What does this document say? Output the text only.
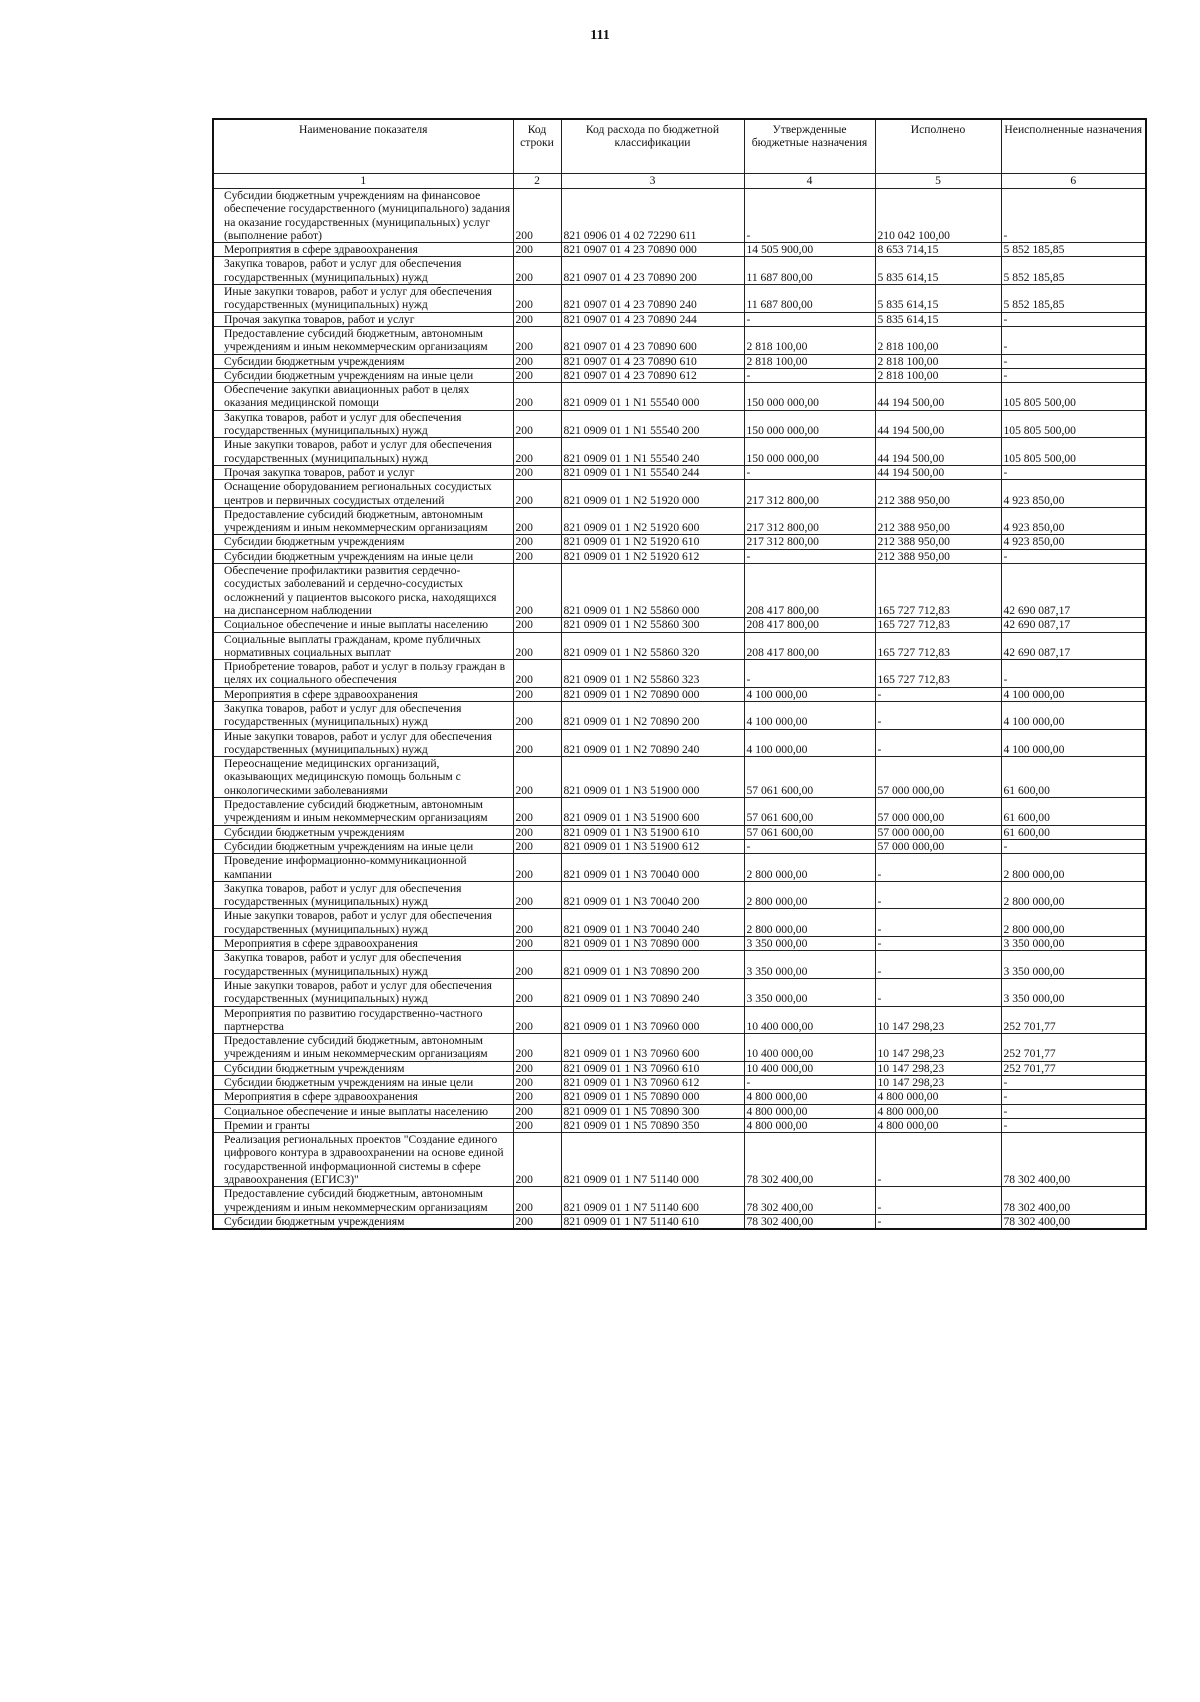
111
Наименование показателя	Код строки	Код расхода по бюджетной классификации	Утвержденные бюджетные назначения	Исполнено	Неисполненные назначения
1	2	3	4	5	6
Субсидии бюджетным учреждениям на финансовое обеспечение государственного (муниципального) задания на оказание государственных (муниципальных) услуг (выполнение работ)	200	821 0906 01 4 02 72290 611	-	210 042 100,00	-
Мероприятия в сфере здравоохранения	200	821 0907 01 4 23 70890 000	14 505 900,00	8 653 714,15	5 852 185,85
Закупка товаров, работ и услуг для обеспечения государственных (муниципальных) нужд	200	821 0907 01 4 23 70890 200	11 687 800,00	5 835 614,15	5 852 185,85
Иные закупки товаров, работ и услуг для обеспечения государственных (муниципальных) нужд	200	821 0907 01 4 23 70890 240	11 687 800,00	5 835 614,15	5 852 185,85
Прочая закупка товаров, работ и услуг	200	821 0907 01 4 23 70890 244	-	5 835 614,15	-
Предоставление субсидий бюджетным, автономным учреждениям и иным некоммерческим организациям	200	821 0907 01 4 23 70890 600	2 818 100,00	2 818 100,00	-
Субсидии бюджетным учреждениям	200	821 0907 01 4 23 70890 610	2 818 100,00	2 818 100,00	-
Субсидии бюджетным учреждениям на иные цели	200	821 0907 01 4 23 70890 612	-	2 818 100,00	-
Обеспечение закупки авиационных работ в целях оказания медицинской помощи	200	821 0909 01 1 N1 55540 000	150 000 000,00	44 194 500,00	105 805 500,00
Закупка товаров, работ и услуг для обеспечения государственных (муниципальных) нужд	200	821 0909 01 1 N1 55540 200	150 000 000,00	44 194 500,00	105 805 500,00
Иные закупки товаров, работ и услуг для обеспечения государственных (муниципальных) нужд	200	821 0909 01 1 N1 55540 240	150 000 000,00	44 194 500,00	105 805 500,00
Прочая закупка товаров, работ и услуг	200	821 0909 01 1 N1 55540 244	-	44 194 500,00	-
Оснащение оборудованием региональных сосудистых центров и первичных сосудистых отделений	200	821 0909 01 1 N2 51920 000	217 312 800,00	212 388 950,00	4 923 850,00
Предоставление субсидий бюджетным, автономным учреждениям и иным некоммерческим организациям	200	821 0909 01 1 N2 51920 600	217 312 800,00	212 388 950,00	4 923 850,00
Субсидии бюджетным учреждениям	200	821 0909 01 1 N2 51920 610	217 312 800,00	212 388 950,00	4 923 850,00
Субсидии бюджетным учреждениям на иные цели	200	821 0909 01 1 N2 51920 612	-	212 388 950,00	-
Обеспечение профилактики развития сердечно-сосудистых заболеваний и сердечно-сосудистых осложнений у пациентов высокого риска, находящихся на диспансерном наблюдении	200	821 0909 01 1 N2 55860 000	208 417 800,00	165 727 712,83	42 690 087,17
Социальное обеспечение и иные выплаты населению	200	821 0909 01 1 N2 55860 300	208 417 800,00	165 727 712,83	42 690 087,17
Социальные выплаты гражданам, кроме публичных нормативных социальных выплат	200	821 0909 01 1 N2 55860 320	208 417 800,00	165 727 712,83	42 690 087,17
Приобретение товаров, работ и услуг в пользу граждан в целях их социального обеспечения	200	821 0909 01 1 N2 55860 323	-	165 727 712,83	-
Мероприятия в сфере здравоохранения	200	821 0909 01 1 N2 70890 000	4 100 000,00	-	4 100 000,00
Закупка товаров, работ и услуг для обеспечения государственных (муниципальных) нужд	200	821 0909 01 1 N2 70890 200	4 100 000,00	-	4 100 000,00
Иные закупки товаров, работ и услуг для обеспечения государственных (муниципальных) нужд	200	821 0909 01 1 N2 70890 240	4 100 000,00	-	4 100 000,00
Переоснащение медицинских организаций, оказывающих медицинскую помощь больным с онкологическими заболеваниями	200	821 0909 01 1 N3 51900 000	57 061 600,00	57 000 000,00	61 600,00
Предоставление субсидий бюджетным, автономным учреждениям и иным некоммерческим организациям	200	821 0909 01 1 N3 51900 600	57 061 600,00	57 000 000,00	61 600,00
Субсидии бюджетным учреждениям	200	821 0909 01 1 N3 51900 610	57 061 600,00	57 000 000,00	61 600,00
Субсидии бюджетным учреждениям на иные цели	200	821 0909 01 1 N3 51900 612	-	57 000 000,00	-
Проведение информационно-коммуникационной кампании	200	821 0909 01 1 N3 70040 000	2 800 000,00	-	2 800 000,00
Закупка товаров, работ и услуг для обеспечения государственных (муниципальных) нужд	200	821 0909 01 1 N3 70040 200	2 800 000,00	-	2 800 000,00
Иные закупки товаров, работ и услуг для обеспечения государственных (муниципальных) нужд	200	821 0909 01 1 N3 70040 240	2 800 000,00	-	2 800 000,00
Мероприятия в сфере здравоохранения	200	821 0909 01 1 N3 70890 000	3 350 000,00	-	3 350 000,00
Закупка товаров, работ и услуг для обеспечения государственных (муниципальных) нужд	200	821 0909 01 1 N3 70890 200	3 350 000,00	-	3 350 000,00
Иные закупки товаров, работ и услуг для обеспечения государственных (муниципальных) нужд	200	821 0909 01 1 N3 70890 240	3 350 000,00	-	3 350 000,00
Мероприятия по развитию государственно-частного партнерства	200	821 0909 01 1 N3 70960 000	10 400 000,00	10 147 298,23	252 701,77
Предоставление субсидий бюджетным, автономным учреждениям и иным некоммерческим организациям	200	821 0909 01 1 N3 70960 600	10 400 000,00	10 147 298,23	252 701,77
Субсидии бюджетным учреждениям	200	821 0909 01 1 N3 70960 610	10 400 000,00	10 147 298,23	252 701,77
Субсидии бюджетным учреждениям на иные цели	200	821 0909 01 1 N3 70960 612	-	10 147 298,23	-
Мероприятия в сфере здравоохранения	200	821 0909 01 1 N5 70890 000	4 800 000,00	4 800 000,00	-
Социальное обеспечение и иные выплаты населению	200	821 0909 01 1 N5 70890 300	4 800 000,00	4 800 000,00	-
Премии и гранты	200	821 0909 01 1 N5 70890 350	4 800 000,00	4 800 000,00	-
Реализация региональных проектов "Создание единого цифрового контура в здравоохранении на основе единой государственной информационной системы в сфере здравоохранения (ЕГИСЗ)"	200	821 0909 01 1 N7 51140 000	78 302 400,00	-	78 302 400,00
Предоставление субсидий бюджетным, автономным учреждениям и иным некоммерческим организациям	200	821 0909 01 1 N7 51140 600	78 302 400,00	-	78 302 400,00
Субсидии бюджетным учреждениям	200	821 0909 01 1 N7 51140 610	78 302 400,00	-	78 302 400,00
